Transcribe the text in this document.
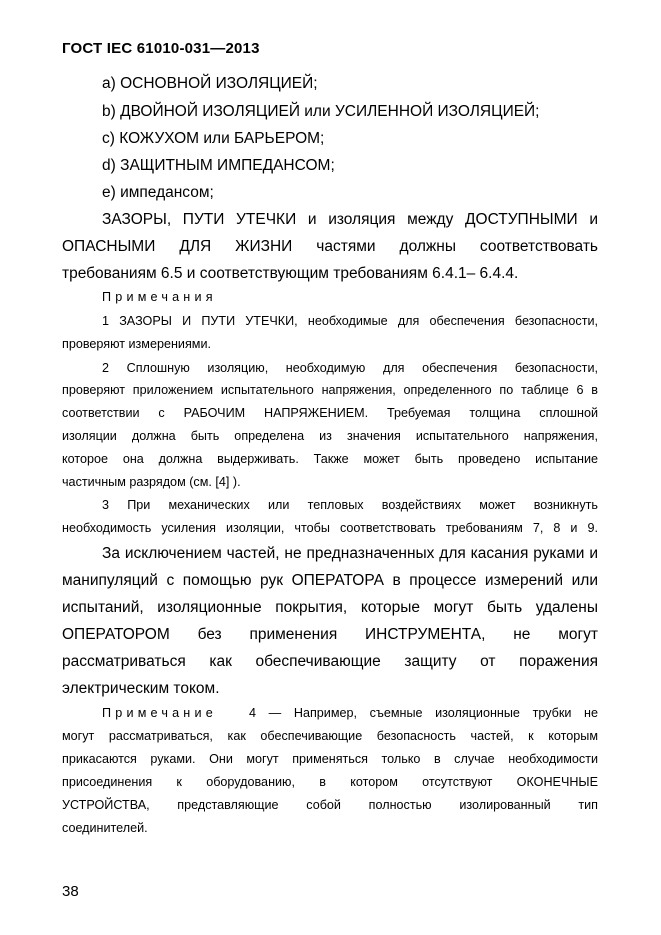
ГОСТ IEC 61010-031—2013
a) ОСНОВНОЙ ИЗОЛЯЦИЕЙ;
b) ДВОЙНОЙ ИЗОЛЯЦИЕЙ или УСИЛЕННОЙ ИЗОЛЯЦИЕЙ;
c) КОЖУХОМ или БАРЬЕРОМ;
d) ЗАЩИТНЫМ ИМПЕДАНСОМ;
e) импедансом;
ЗАЗОРЫ, ПУТИ УТЕЧКИ и изоляция между ДОСТУПНЫМИ и
ОПАСНЫМИ ДЛЯ ЖИЗНИ частями должны соответствовать
требованиям 6.5 и соответствующим требованиям 6.4.1– 6.4.4.
Примечания
1 ЗАЗОРЫ И ПУТИ УТЕЧКИ, необходимые для обеспечения безопасности,
проверяют измерениями.
2 Сплошную изоляцию, необходимую для обеспечения безопасности,
проверяют приложением испытательного напряжения, определенного по таблице 6 в
соответствии с РАБОЧИМ НАПРЯЖЕНИЕМ. Требуемая толщина сплошной
изоляции должна быть определена из значения испытательного напряжения,
которое она должна выдерживать. Также может быть проведено испытание
частичным разрядом (см. [4] ).
3 При механических или тепловых воздействиях может возникнуть
необходимость усиления изоляции, чтобы соответствовать требованиям 7, 8 и 9.
За исключением частей, не предназначенных для касания руками и
манипуляций с помощью рук ОПЕРАТОРА в процессе измерений или
испытаний, изоляционные покрытия, которые могут быть удалены
ОПЕРАТОРОМ без применения ИНСТРУМЕНТА, не могут
рассматриваться как обеспечивающие защиту от поражения
электрическим током.
Примечание	4 — Например, съемные изоляционные трубки не
могут рассматриваться, как обеспечивающие безопасность частей, к которым
прикасаются руками. Они могут применяться только в случае необходимости
присоединения к оборудованию, в котором отсутствуют ОКОНЕЧНЫЕ
УСТРОЙСТВА, представляющие собой полностью изолированный тип
соединителей.
38
